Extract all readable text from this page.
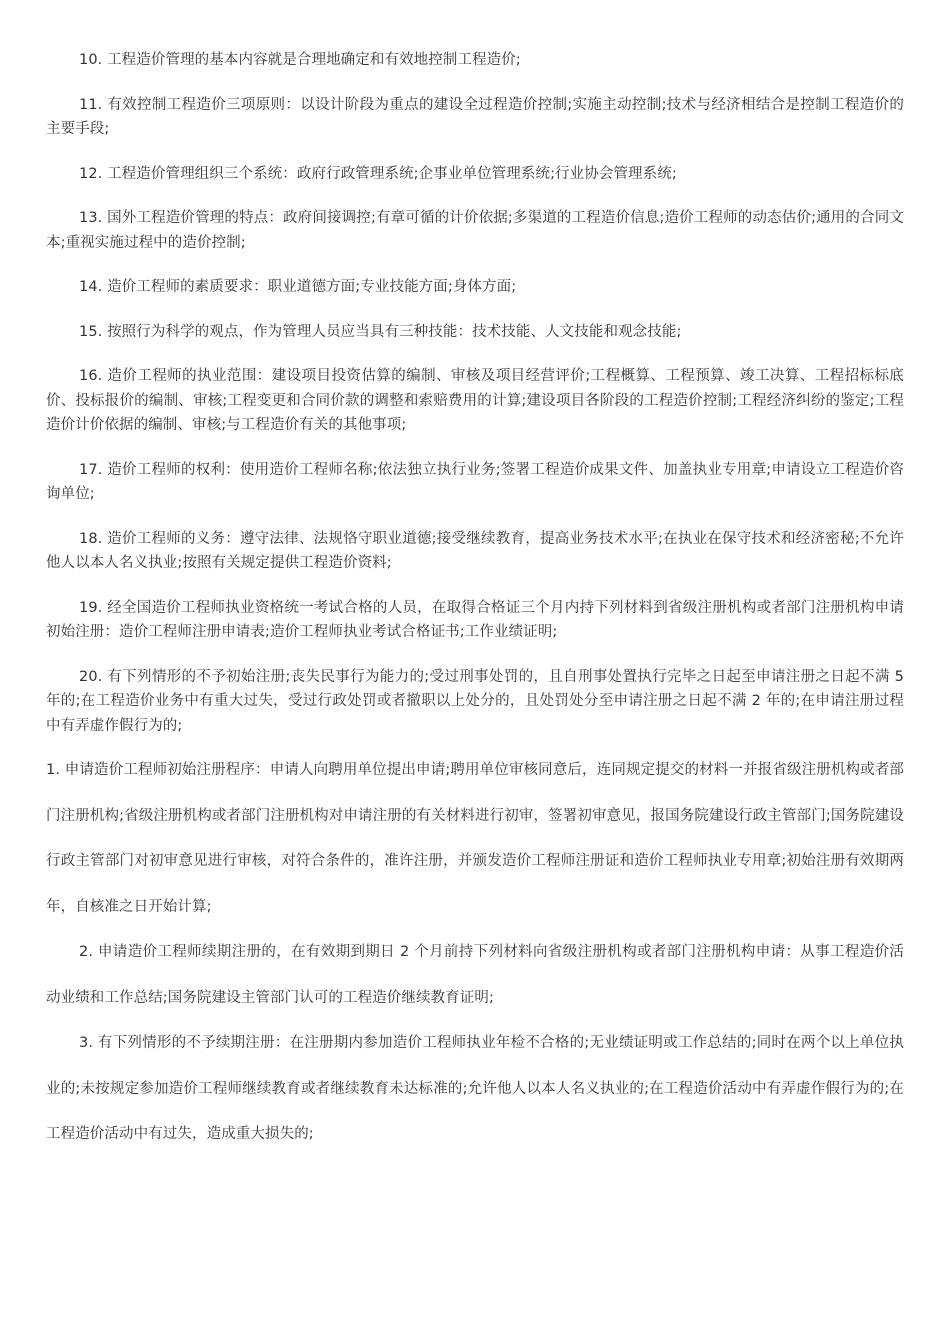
10. 工程造价管理的基本内容就是合理地确定和有效地控制工程造价;

11. 有效控制工程造价三项原则：以设计阶段为重点的建设全过程造价控制;实施主动控制;技术与经济相结合是控制工程造价的主要手段;

12. 工程造价管理组织三个系统：政府行政管理系统;企事业单位管理系统;行业协会管理系统;

13. 国外工程造价管理的特点：政府间接调控;有章可循的计价依据;多渠道的工程造价信息;造价工程师的动态估价;通用的合同文本;重视实施过程中的造价控制;

14. 造价工程师的素质要求：职业道德方面;专业技能方面;身体方面;

15. 按照行为科学的观点，作为管理人员应当具有三种技能：技术技能、人文技能和观念技能;

16. 造价工程师的执业范围：建设项目投资估算的编制、审核及项目经营评价;工程概算、工程预算、竣工决算、工程招标标底价、投标报价的编制、审核;工程变更和合同价款的调整和索赔费用的计算;建设项目各阶段的工程造价控制;工程经济纠纷的鉴定;工程造价计价依据的编制、审核;与工程造价有关的其他事项;

17. 造价工程师的权利：使用造价工程师名称;依法独立执行业务;签署工程造价成果文件、加盖执业专用章;申请设立工程造价咨询单位;

18. 造价工程师的义务：遵守法律、法规恪守职业道德;接受继续教育，提高业务技术水平;在执业在保守技术和经济密秘;不允许他人以本人名义执业;按照有关规定提供工程造价资料;

19. 经全国造价工程师执业资格统一考试合格的人员，在取得合格证三个月内持下列材料到省级注册机构或者部门注册机构申请初始注册：造价工程师注册申请表;造价工程师执业考试合格证书;工作业绩证明;

20. 有下列情形的不予初始注册;丧失民事行为能力的;受过刑事处罚的，且自刑事处置执行完毕之日起至申请注册之日起不满 5 年的;在工程造价业务中有重大过失，受过行政处罚或者撤职以上处分的，且处罚处分至申请注册之日起不满 2 年的;在申请注册过程中有弄虚作假行为的;

1. 申请造价工程师初始注册程序：申请人向聘用单位提出申请;聘用单位审核同意后，连同规定提交的材料一并报省级注册机构或者部门注册机构;省级注册机构或者部门注册机构对申请注册的有关材料进行初审，签署初审意见，报国务院建设行政主管部门;国务院建设行政主管部门对初审意见进行审核，对符合条件的，准许注册，并颁发造价工程师注册证和造价工程师执业专用章;初始注册有效期两年，自核准之日开始计算;

2. 申请造价工程师续期注册的，在有效期到期日 2 个月前持下列材料向省级注册机构或者部门注册机构申请：从事工程造价活动业绩和工作总结;国务院建设主管部门认可的工程造价继续教育证明;

3. 有下列情形的不予续期注册：在注册期内参加造价工程师执业年检不合格的;无业绩证明或工作总结的;同时在两个以上单位执业的;未按规定参加造价工程师继续教育或者继续教育未达标准的;允许他人以本人名义执业的;在工程造价活动中有弄虚作假行为的;在工程造价活动中有过失，造成重大损失的;
